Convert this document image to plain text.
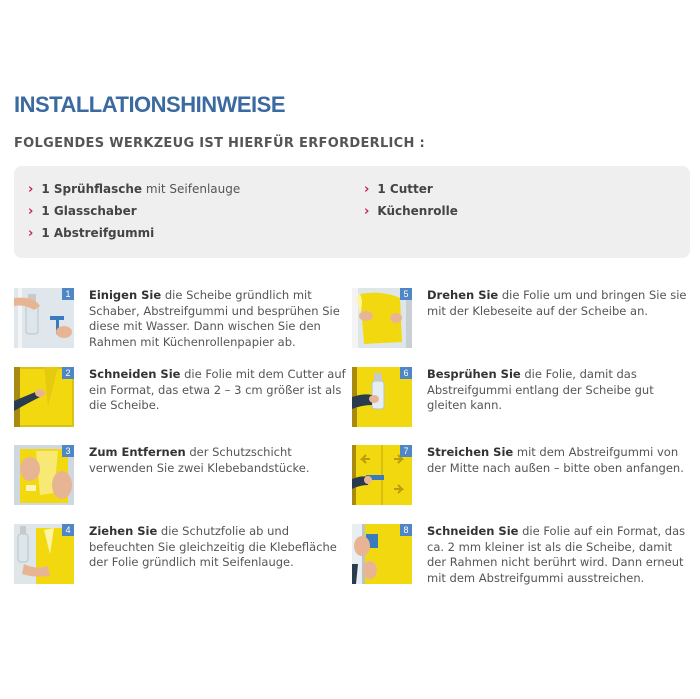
INSTALLATIONSHINWEISE
FOLGENDES WERKZEUG IST HIERFÜR ERFORDERLICH :
› 1 Sprühflasche mit Seifenlauge
› 1 Glasschaber
› 1 Abstreifgummi
› 1 Cutter
› Küchenrolle
1	Einigen Sie die Scheibe gründlich mit Schaber, Abstreifgummi und besprühen Sie diese mit Wasser. Dann wischen Sie den Rahmen mit Küchenrollenpapier ab.
2	Schneiden Sie die Folie mit dem Cutter auf ein Format, das etwa 2 – 3 cm größer ist als die Scheibe.
3	Zum Entfernen der Schutzschicht verwenden Sie zwei Klebebandstücke.
4	Ziehen Sie die Schutzfolie ab und befeuchten Sie gleichzeitig die Klebefläche der Folie gründlich mit Seifenlauge.
5	Drehen Sie die Folie um und bringen Sie sie mit der Klebeseite auf der Scheibe an.
6	Besprühen Sie die Folie, damit das Abstreifgummi entlang der Scheibe gut gleiten kann.
7	Streichen Sie mit dem Abstreifgummi von der Mitte nach außen – bitte oben anfangen.
8	Schneiden Sie die Folie auf ein Format, das ca. 2 mm kleiner ist als die Scheibe, damit der Rahmen nicht berührt wird. Dann erneut mit dem Abstreifgummi ausstreichen.
